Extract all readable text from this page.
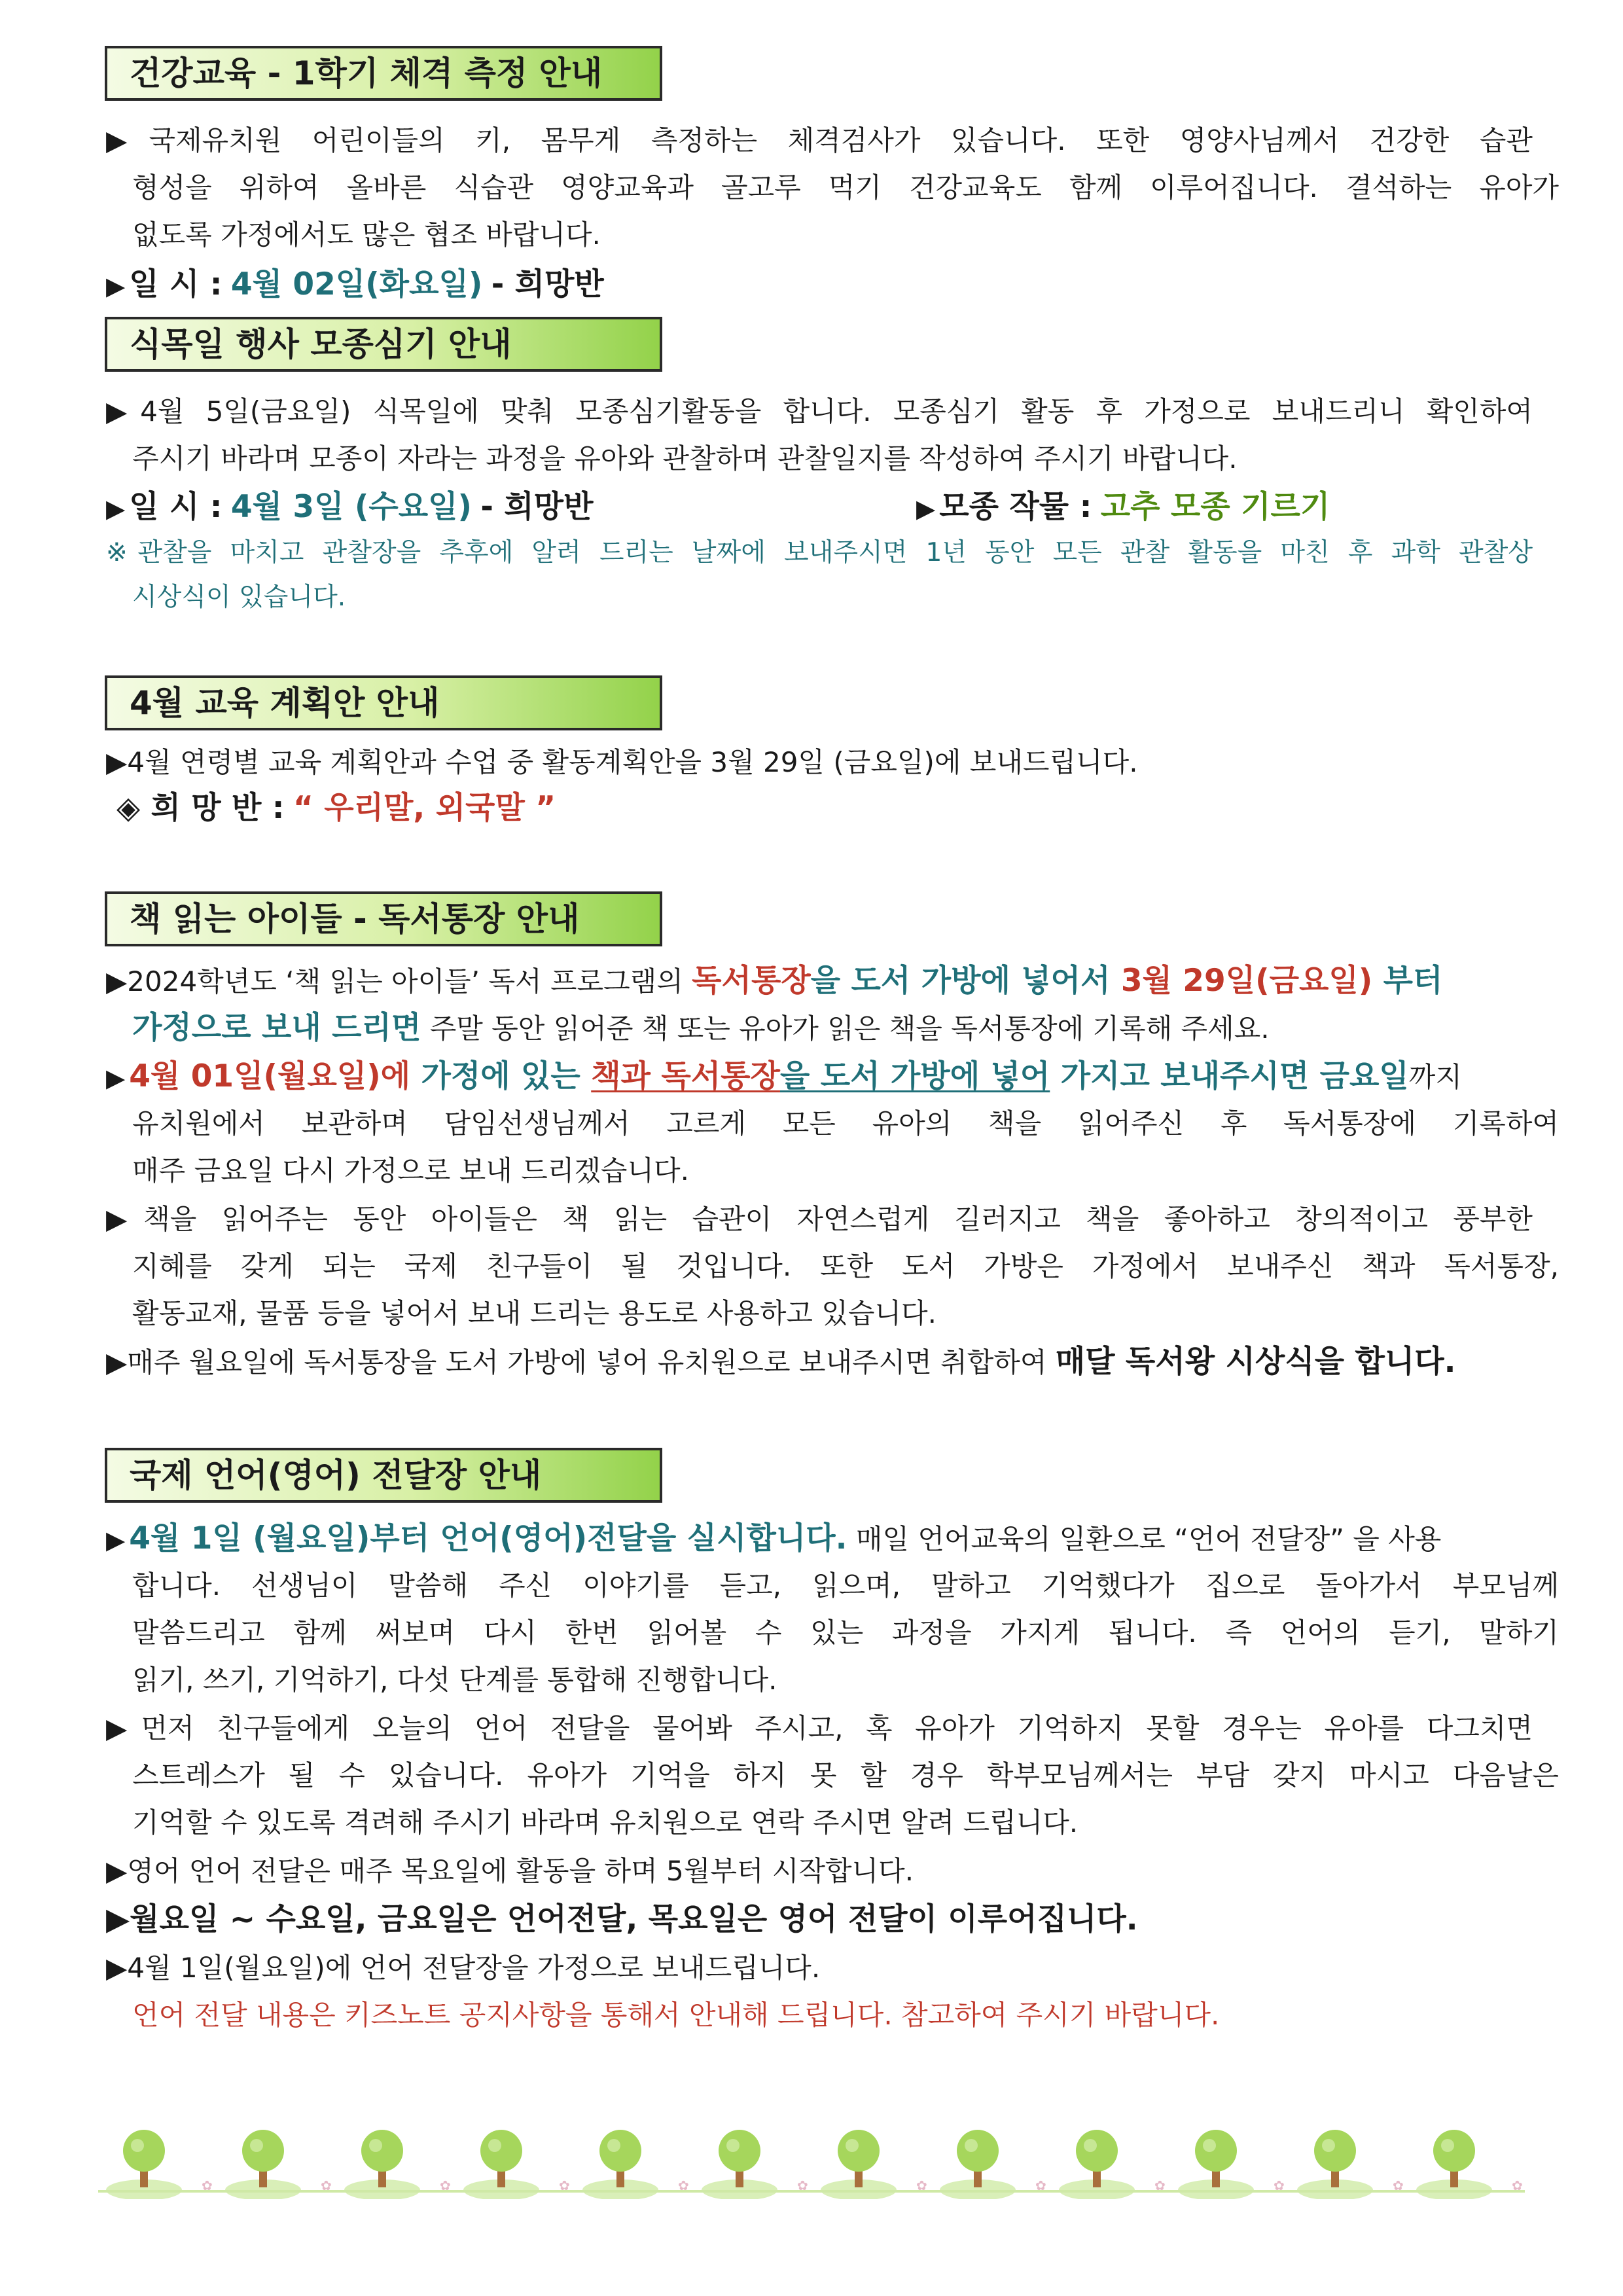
건강교육 - 1학기 체격 측정 안내
▶국제유치원 어린이들의 키, 몸무게 측정하는 체격검사가 있습니다. 또한 영양사님께서 건강한 습관
형성을 위하여 올바른 식습관 영양교육과 골고루 먹기 건강교육도 함께 이루어집니다. 결석하는 유아가
없도록 가정에서도 많은 협조 바랍니다.
▶ 일 시 : 4월 02일(화요일) - 희망반
식목일 행사 모종심기 안내
▶4월 5일(금요일) 식목일에 맞춰 모종심기활동을 합니다. 모종심기 활동 후 가정으로 보내드리니 확인하여
주시기 바라며 모종이 자라는 과정을 유아와 관찰하며 관찰일지를 작성하여 주시기 바랍니다.
▶ 일 시 : 4월 3일 (수요일) - 희망반	▶ 모종 작물 : 고추 모종 기르기
※관찰을 마치고 관찰장을 추후에 알려 드리는 날짜에 보내주시면 1년 동안 모든 관찰 활동을 마친 후 과학 관찰상
시상식이 있습니다.
4월 교육 계획안 안내
▶4월 연령별 교육 계획안과 수업 중 활동계획안을 3월 29일 (금요일)에 보내드립니다.
◈ 희 망 반 : “ 우리말, 외국말 ”
책 읽는 아이들 - 독서통장 안내
▶2024학년도 ‘책 읽는 아이들’ 독서 프로그램의 독서통장을 도서 가방에 넣어서 3월 29일(금요일) 부터
가정으로 보내 드리면 주말 동안 읽어준 책 또는 유아가 읽은 책을 독서통장에 기록해 주세요.
▶ 4월 01일(월요일)에 가정에 있는 책과 독서통장을 도서 가방에 넣어 가지고 보내주시면 금요일까지
유치원에서 보관하며 담임선생님께서 고르게 모든 유아의 책을 읽어주신 후 독서통장에 기록하여
매주 금요일 다시 가정으로 보내 드리겠습니다.
▶책을 읽어주는 동안 아이들은 책 읽는 습관이 자연스럽게 길러지고 책을 좋아하고 창의적이고 풍부한
지혜를 갖게 되는 국제 친구들이 될 것입니다. 또한 도서 가방은 가정에서 보내주신 책과 독서통장,
활동교재, 물품 등을 넣어서 보내 드리는 용도로 사용하고 있습니다.
▶매주 월요일에 독서통장을 도서 가방에 넣어 유치원으로 보내주시면 취합하여 매달 독서왕 시상식을 합니다.
국제 언어(영어) 전달장 안내
▶ 4월 1일 (월요일)부터 언어(영어)전달을 실시합니다. 매일 언어교육의 일환으로 “언어 전달장” 을 사용
합니다. 선생님이 말씀해 주신 이야기를 듣고, 읽으며, 말하고 기억했다가 집으로 돌아가서 부모님께
말씀드리고 함께 써보며 다시 한번 읽어볼 수 있는 과정을 가지게 됩니다. 즉 언어의 듣기, 말하기
읽기, 쓰기, 기억하기, 다섯 단계를 통합해 진행합니다.
▶먼저 친구들에게 오늘의 언어 전달을 물어봐 주시고, 혹 유아가 기억하지 못할 경우는 유아를 다그치면
스트레스가 될 수 있습니다. 유아가 기억을 하지 못 할 경우 학부모님께서는 부담 갖지 마시고 다음날은
기억할 수 있도록 격려해 주시기 바라며 유치원으로 연락 주시면 알려 드립니다.
▶영어 언어 전달은 매주 목요일에 활동을 하며 5월부터 시작합니다.
▶월요일 ~ 수요일, 금요일은 언어전달, 목요일은 영어 전달이 이루어집니다.
▶4월 1일(월요일)에 언어 전달장을 가정으로 보내드립니다.
언어 전달 내용은 키즈노트 공지사항을 통해서 안내해 드립니다. 참고하여 주시기 바랍니다.
✿	✿	✿	✿	✿	✿	✿	✿	✿	✿	✿	✿
